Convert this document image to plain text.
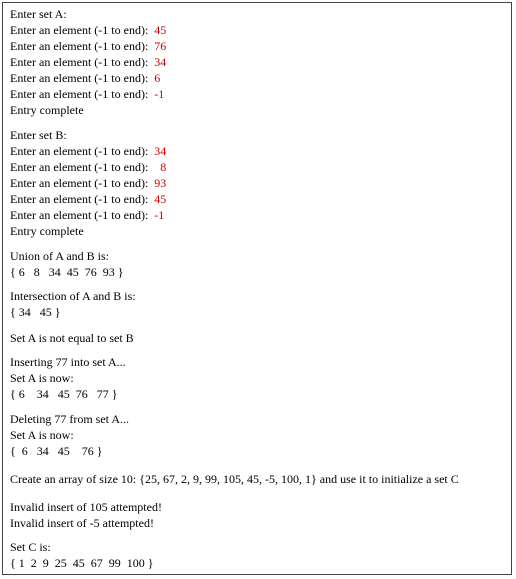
Enter set A:
Enter an element (-1 to end):  45
Enter an element (-1 to end):  76
Enter an element (-1 to end):  34
Enter an element (-1 to end):  6
Enter an element (-1 to end):  -1
Entry complete
Enter set B:
Enter an element (-1 to end):  34
Enter an element (-1 to end):    8
Enter an element (-1 to end):  93
Enter an element (-1 to end):  45
Enter an element (-1 to end):  -1
Entry complete
Union of A and B is:
{ 6   8   34  45  76  93 }
Intersection of A and B is:
{ 34   45 }
Set A is not equal to set B
Inserting 77 into set A...
Set A is now:
{ 6    34   45  76   77 }
Deleting 77 from set A...
Set A is now:
{  6   34   45    76 }
Create an array of size 10: {25, 67, 2, 9, 99, 105, 45, -5, 100, 1} and use it to initialize a set C
Invalid insert of 105 attempted!
Invalid insert of -5 attempted!
Set C is:
{ 1  2  9  25  45  67  99  100 }
